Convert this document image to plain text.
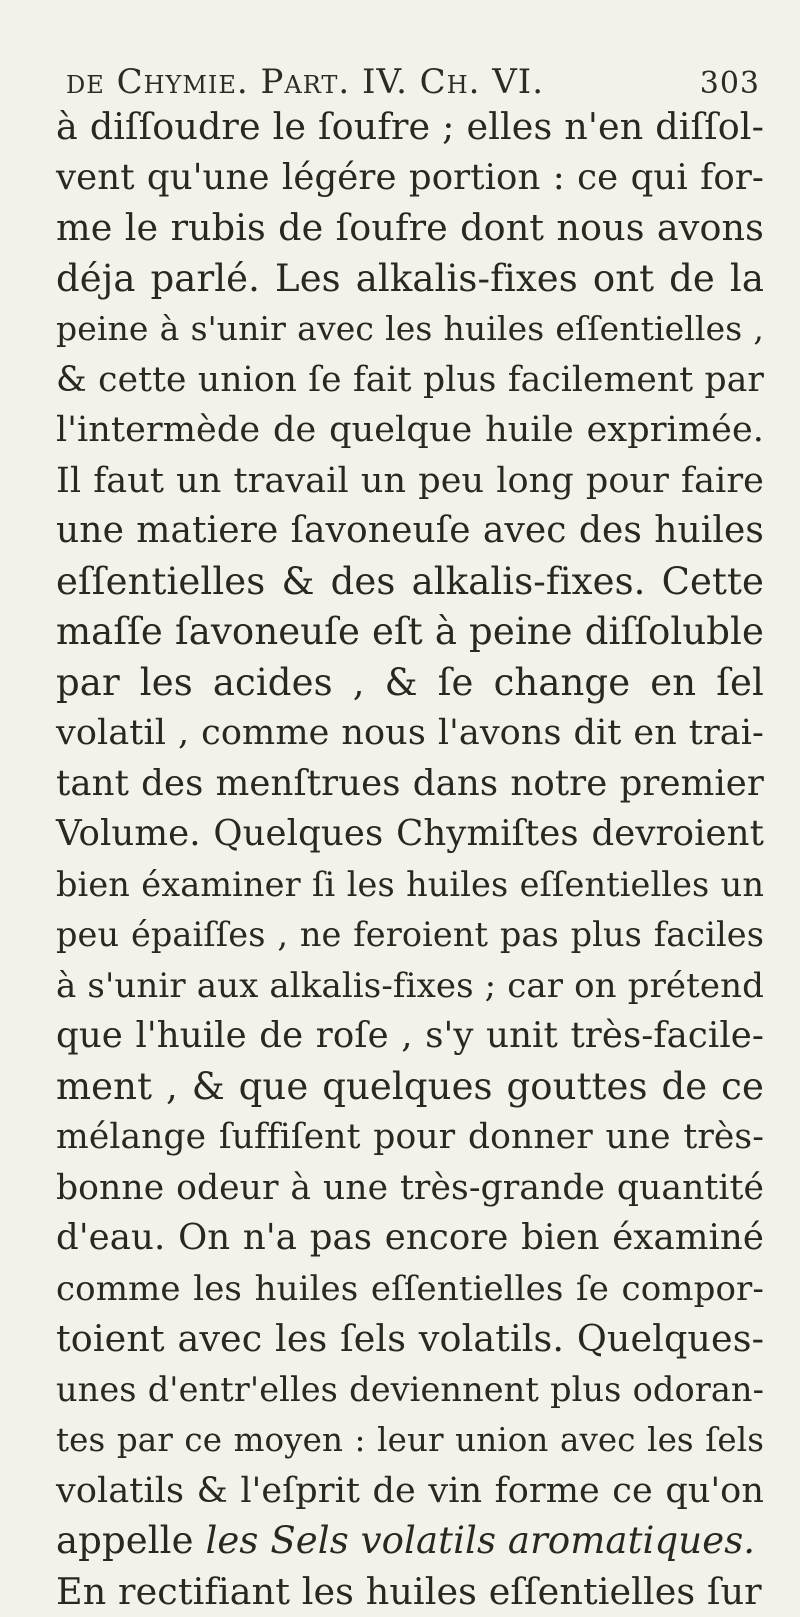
de Chymie. Part. IV. Ch. VI.	303
à diſſoudre le ſoufre ; elles n'en diſſol-
vent qu'une légére portion : ce qui for-
me le rubis de ſoufre dont nous avons
déja parlé. Les alkalis-fixes ont de la
peine à s'unir avec les huiles eſſentielles ,
& cette union ſe fait plus facilement par
l'intermède de quelque huile exprimée.
Il faut un travail un peu long pour faire
une matiere ſavoneuſe avec des huiles
eſſentielles & des alkalis-fixes. Cette
maſſe ſavoneuſe eſt à peine diſſoluble
par les acides , & ſe change en ſel
volatil , comme nous l'avons dit en trai-
tant des menſtrues dans notre premier
Volume. Quelques Chymiſtes devroient
bien éxaminer ſi les huiles eſſentielles un
peu épaiſſes , ne feroient pas plus faciles
à s'unir aux alkalis-fixes ; car on prétend
que l'huile de roſe , s'y unit très-facile-
ment , & que quelques gouttes de ce
mélange ſuffiſent pour donner une très-
bonne odeur à une très-grande quantité
d'eau. On n'a pas encore bien éxaminé
comme les huiles eſſentielles ſe compor-
toient avec les ſels volatils. Quelques-
unes d'entr'elles deviennent plus odoran-
tes par ce moyen : leur union avec les ſels
volatils & l'eſprit de vin forme ce qu'on
appelle les Sels volatils aromatiques.
En rectifiant les huiles eſſentielles ſur
